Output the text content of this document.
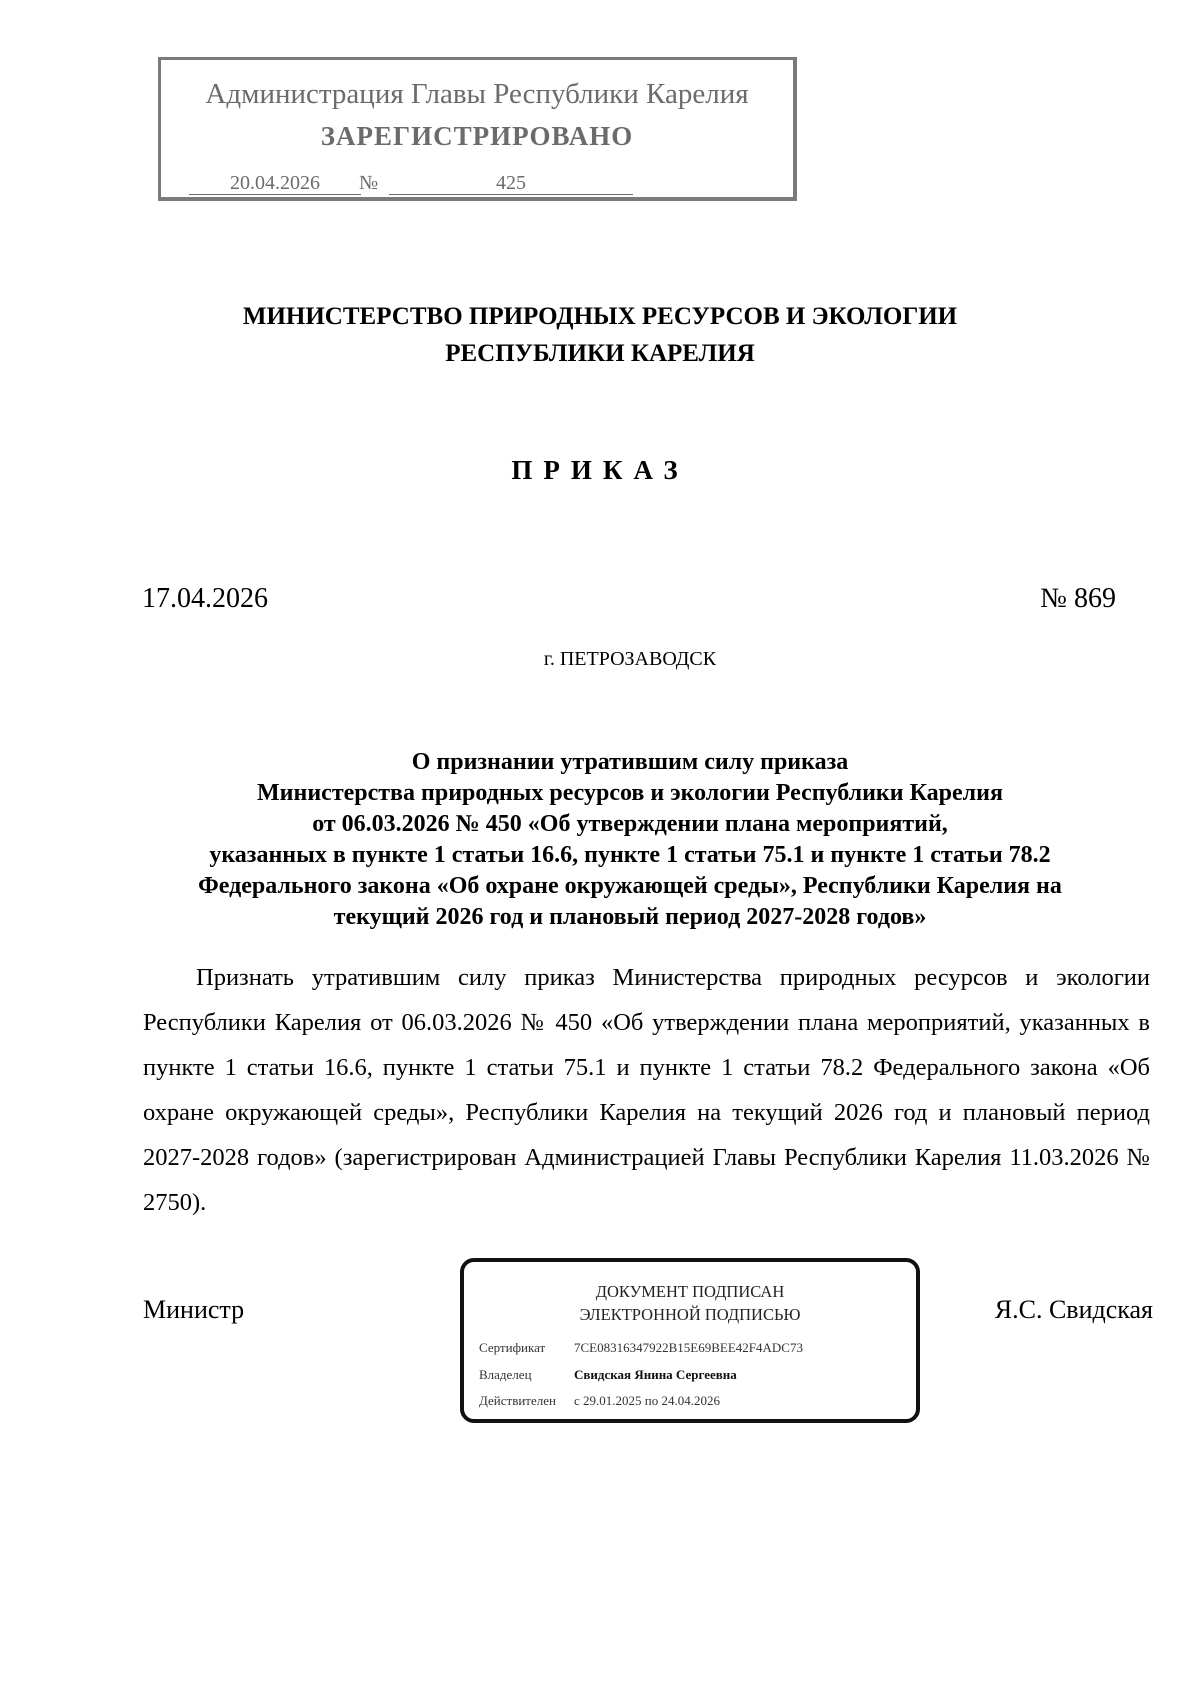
Администрация Главы Республики Карелия
ЗАРЕГИСТРИРОВАНО
20.04.2026	№	425
МИНИСТЕРСТВО ПРИРОДНЫХ РЕСУРСОВ И ЭКОЛОГИИ
РЕСПУБЛИКИ КАРЕЛИЯ
ПРИКАЗ
17.04.2026	№ 869
г. ПЕТРОЗАВОДСК
О признании утратившим силу приказа
Министерства природных ресурсов и экологии Республики Карелия
от 06.03.2026 № 450 «Об утверждении плана мероприятий,
указанных в пункте 1 статьи 16.6, пункте 1 статьи 75.1 и пункте 1 статьи 78.2
Федерального закона «Об охране окружающей среды», Республики Карелия на
текущий 2026 год и плановый период 2027-2028 годов»
Признать утратившим силу приказ Министерства природных ресурсов и экологии Республики Карелия от 06.03.2026 № 450 «Об утверждении плана мероприятий, указанных в пункте 1 статьи 16.6, пункте 1 статьи 75.1 и пункте 1 статьи 78.2 Федерального закона «Об охране окружающей среды», Республики Карелия на текущий 2026 год и плановый период 2027-2028 годов» (зарегистрирован Администрацией Главы Республики Карелия 11.03.2026 № 2750).
Министр
ДОКУМЕНТ ПОДПИСАН
ЭЛЕКТРОННОЙ ПОДПИСЬЮ
Сертификат 7CE08316347922B15E69BEE42F4ADC73
Владелец	Свидская Янина Сергеевна
Действителен с 29.01.2025 по 24.04.2026
Я.С. Свидская
